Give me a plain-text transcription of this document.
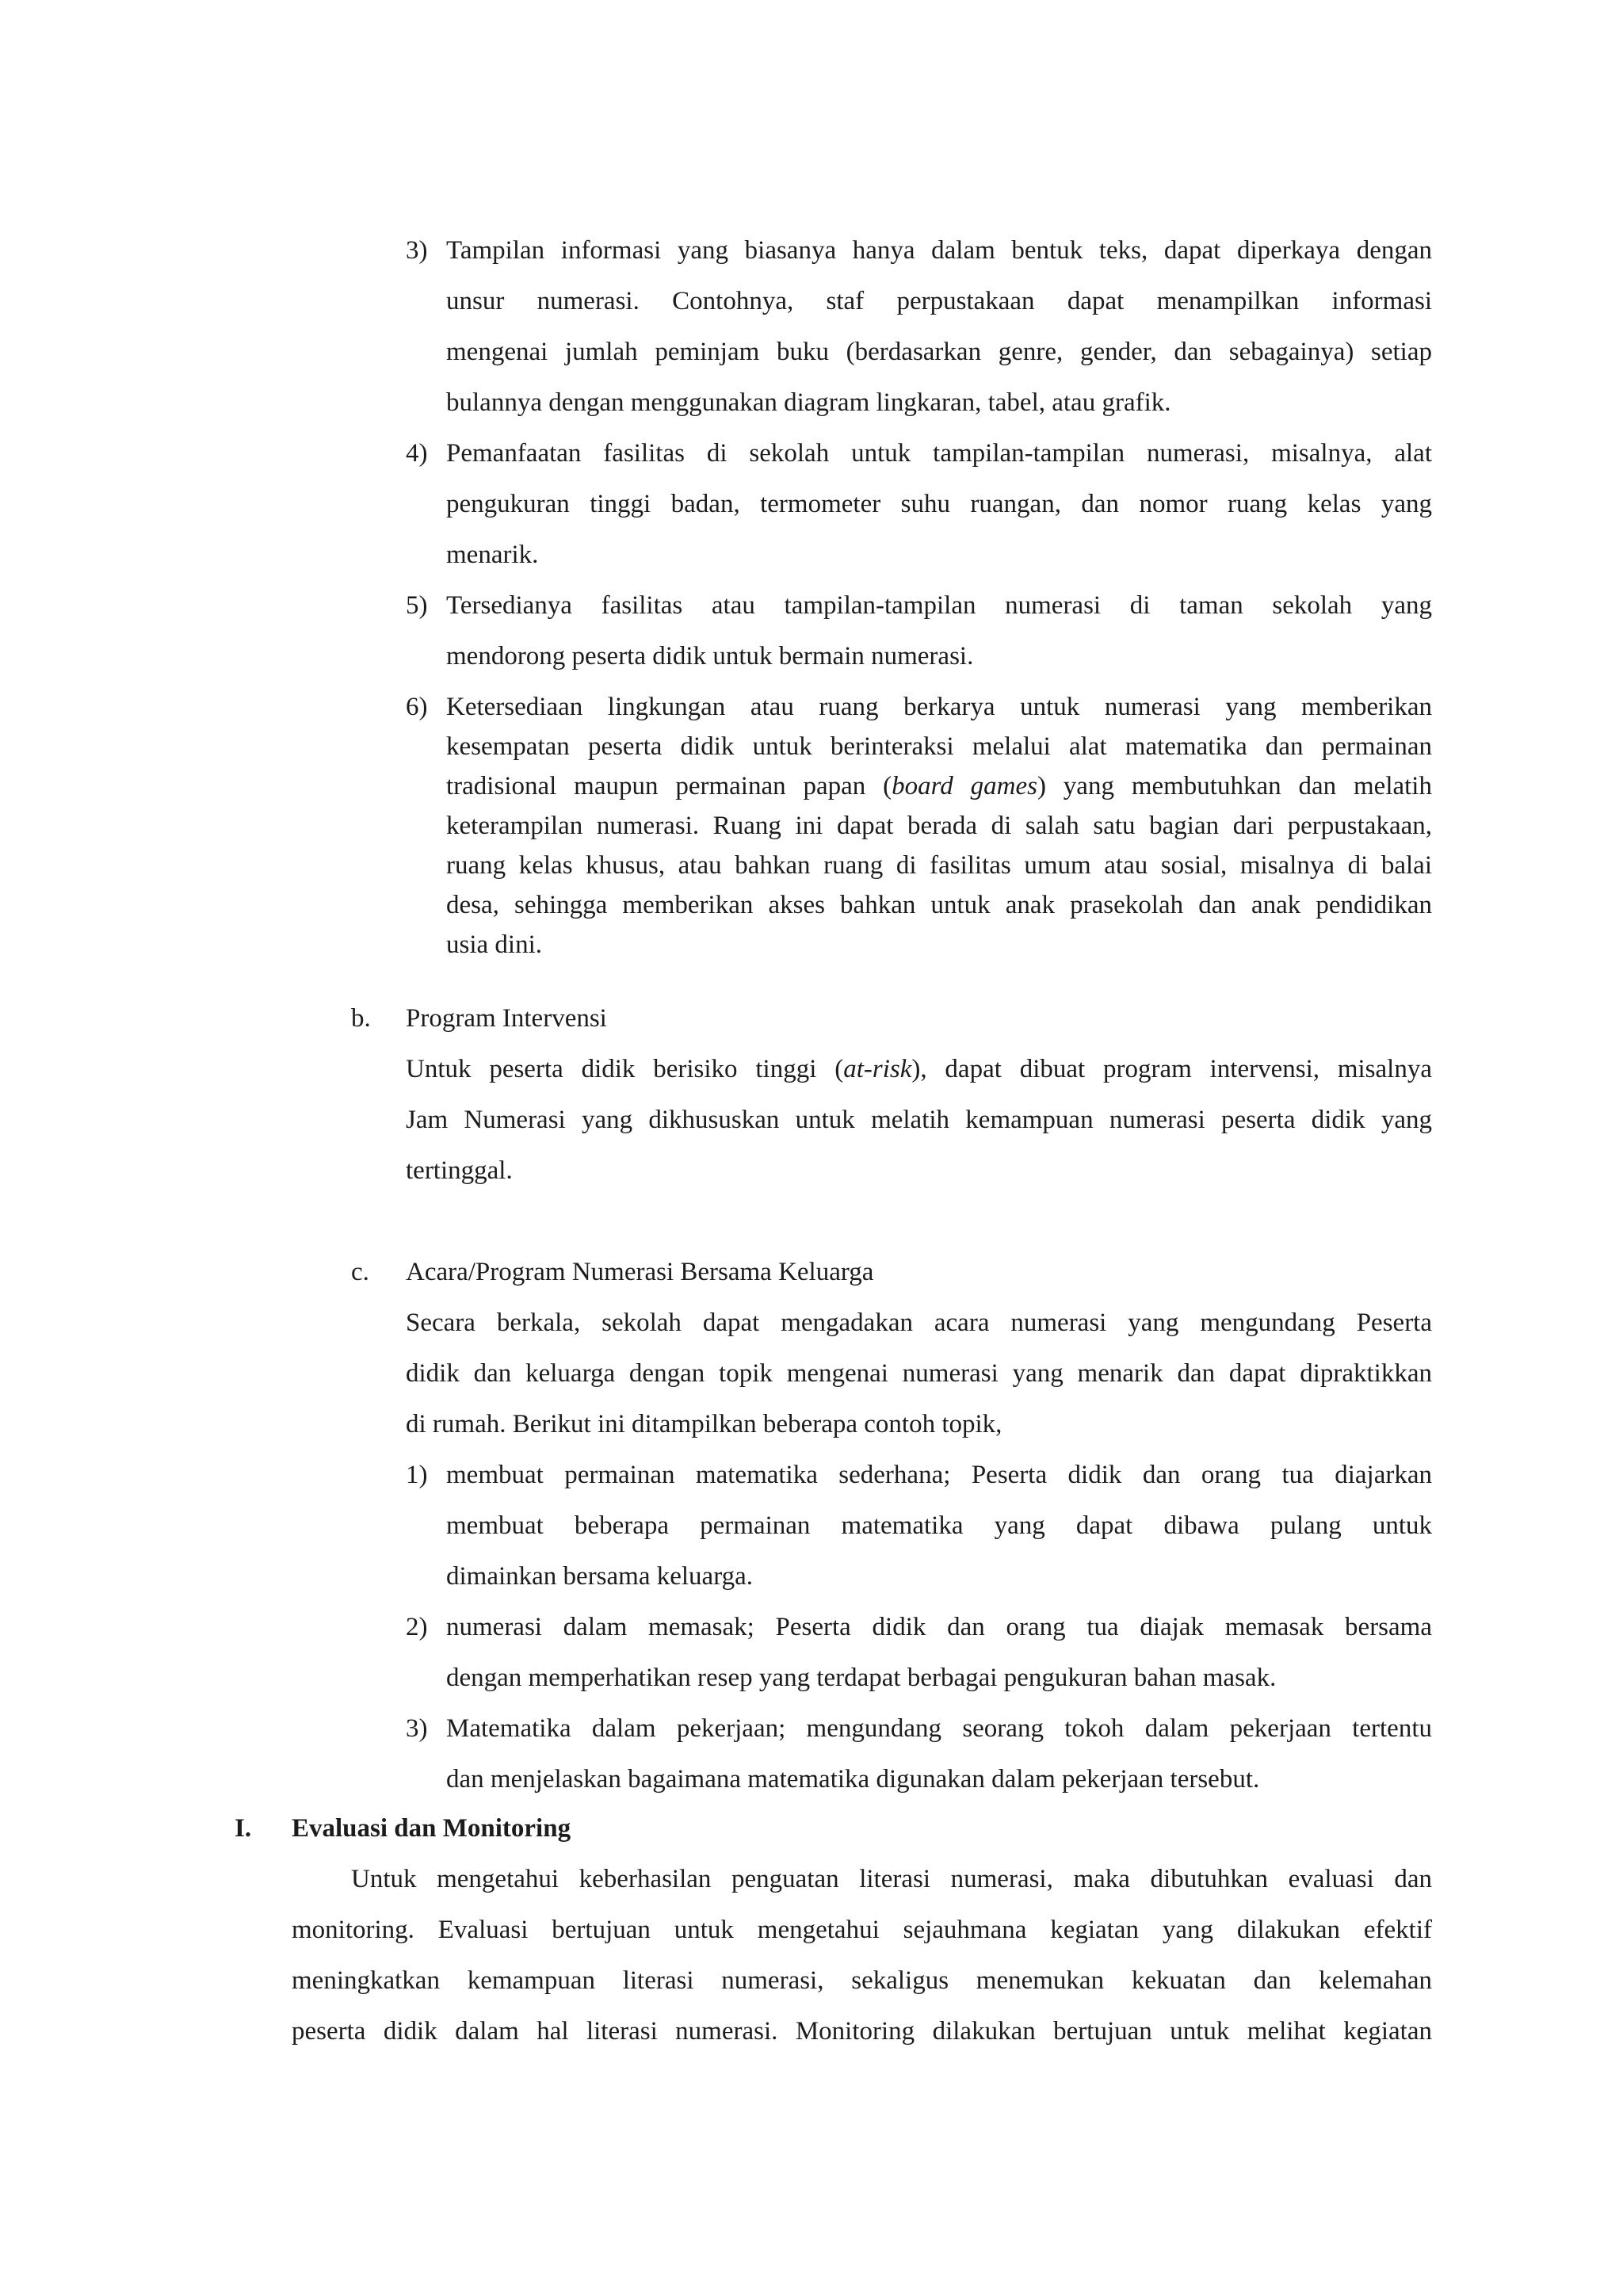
3) Tampilan informasi yang biasanya hanya dalam bentuk teks, dapat diperkaya dengan
unsur numerasi. Contohnya, staf perpustakaan dapat menampilkan informasi
mengenai jumlah peminjam buku (berdasarkan genre, gender, dan sebagainya) setiap
bulannya dengan menggunakan diagram lingkaran, tabel, atau grafik.
4) Pemanfaatan fasilitas di sekolah untuk tampilan-tampilan numerasi, misalnya, alat
pengukuran tinggi badan, termometer suhu ruangan, dan nomor ruang kelas yang
menarik.
5) Tersedianya fasilitas atau tampilan-tampilan numerasi di taman sekolah yang
mendorong peserta didik untuk bermain numerasi.
6) Ketersediaan lingkungan atau ruang berkarya untuk numerasi yang memberikan
kesempatan peserta didik untuk berinteraksi melalui alat matematika dan permainan
tradisional maupun permainan papan (board games) yang membutuhkan dan melatih
keterampilan numerasi. Ruang ini dapat berada di salah satu bagian dari perpustakaan,
ruang kelas khusus, atau bahkan ruang di fasilitas umum atau sosial, misalnya di balai
desa, sehingga memberikan akses bahkan untuk anak prasekolah dan anak pendidikan
usia dini.
b. Program Intervensi
Untuk peserta didik berisiko tinggi (at-risk), dapat dibuat program intervensi, misalnya
Jam Numerasi yang dikhususkan untuk melatih kemampuan numerasi peserta didik yang
tertinggal.
c. Acara/Program Numerasi Bersama Keluarga
Secara berkala, sekolah dapat mengadakan acara numerasi yang mengundang Peserta
didik dan keluarga dengan topik mengenai numerasi yang menarik dan dapat dipraktikkan
di rumah. Berikut ini ditampilkan beberapa contoh topik,
1) membuat permainan matematika sederhana; Peserta didik dan orang tua diajarkan
membuat beberapa permainan matematika yang dapat dibawa pulang untuk
dimainkan bersama keluarga.
2) numerasi dalam memasak; Peserta didik dan orang tua diajak memasak bersama
dengan memperhatikan resep yang terdapat berbagai pengukuran bahan masak.
3) Matematika dalam pekerjaan; mengundang seorang tokoh dalam pekerjaan tertentu
dan menjelaskan bagaimana matematika digunakan dalam pekerjaan tersebut.
I. Evaluasi dan Monitoring
Untuk mengetahui keberhasilan penguatan literasi numerasi, maka dibutuhkan evaluasi dan
monitoring. Evaluasi bertujuan untuk mengetahui sejauhmana kegiatan yang dilakukan efektif
meningkatkan kemampuan literasi numerasi, sekaligus menemukan kekuatan dan kelemahan
peserta didik dalam hal literasi numerasi. Monitoring dilakukan bertujuan untuk melihat kegiatan
